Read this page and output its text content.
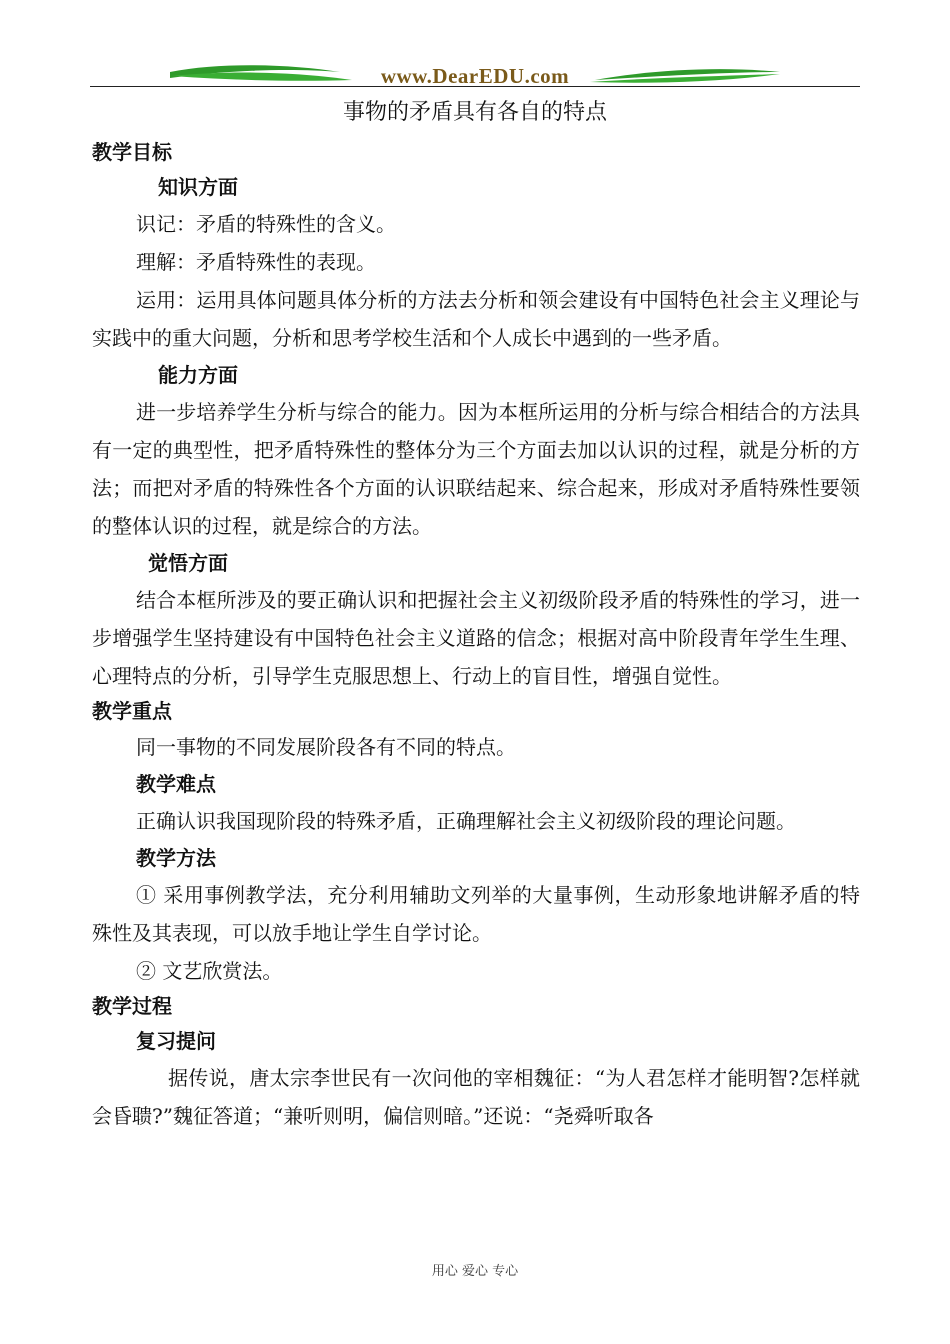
www.DearEDU.com
事物的矛盾具有各自的特点
教学目标
知识方面
识记：矛盾的特殊性的含义。
理解：矛盾特殊性的表现。
运用：运用具体问题具体分析的方法去分析和领会建设有中国特色社会主义理论与实践中的重大问题，分析和思考学校生活和个人成长中遇到的一些矛盾。
能力方面
进一步培养学生分析与综合的能力。因为本框所运用的分析与综合相结合的方法具有一定的典型性，把矛盾特殊性的整体分为三个方面去加以认识的过程，就是分析的方法；而把对矛盾的特殊性各个方面的认识联结起来、综合起来，形成对矛盾特殊性要领的整体认识的过程，就是综合的方法。
觉悟方面
结合本框所涉及的要正确认识和把握社会主义初级阶段矛盾的特殊性的学习，进一步增强学生坚持建设有中国特色社会主义道路的信念；根据对高中阶段青年学生生理、心理特点的分析，引导学生克服思想上、行动上的盲目性，增强自觉性。
教学重点
同一事物的不同发展阶段各有不同的特点。
教学难点
正确认识我国现阶段的特殊矛盾，正确理解社会主义初级阶段的理论问题。
教学方法
① 采用事例教学法，充分利用辅助文列举的大量事例，生动形象地讲解矛盾的特殊性及其表现，可以放手地让学生自学讨论。
② 文艺欣赏法。
教学过程
复习提问
据传说，唐太宗李世民有一次问他的宰相魏征：“为人君怎样才能明智?怎样就会昏聩?”魏征答道；“兼听则明，偏信则暗。”还说：“尧舜听取各
用心 爱心 专心
